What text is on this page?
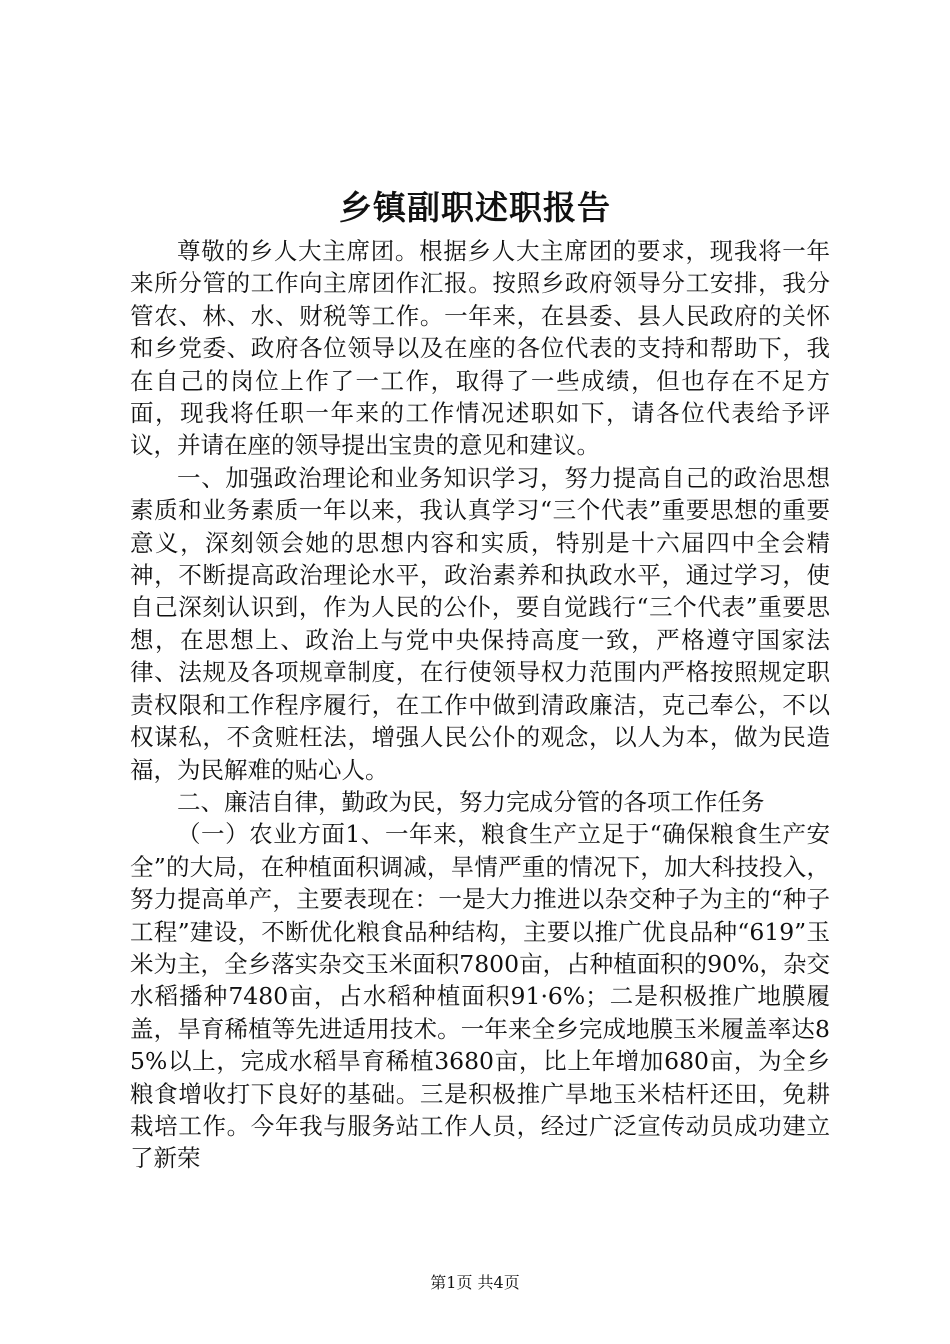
乡镇副职述职报告

尊敬的乡人大主席团。根据乡人大主席团的要求，现我将一年来所分管的工作向主席团作汇报。按照乡政府领导分工安排，我分管农、林、水、财税等工作。一年来，在县委、县人民政府的关怀和乡党委、政府各位领导以及在座的各位代表的支持和帮助下，我在自己的岗位上作了一工作，取得了一些成绩，但也存在不足方面，现我将任职一年来的工作情况述职如下，请各位代表给予评议，并请在座的领导提出宝贵的意见和建议。

一、加强政治理论和业务知识学习，努力提高自己的政治思想素质和业务素质一年以来，我认真学习“三个代表”重要思想的重要意义，深刻领会她的思想内容和实质，特别是十六届四中全会精神，不断提高政治理论水平，政治素养和执政水平，通过学习，使自己深刻认识到，作为人民的公仆，要自觉践行“三个代表”重要思想，在思想上、政治上与党中央保持高度一致，严格遵守国家法律、法规及各项规章制度，在行使领导权力范围内严格按照规定职责权限和工作程序履行，在工作中做到清政廉洁，克己奉公，不以权谋私，不贪赃枉法，增强人民公仆的观念，以人为本，做为民造福，为民解难的贴心人。

二、廉洁自律，勤政为民，努力完成分管的各项工作任务

（一）农业方面1、一年来，粮食生产立足于“确保粮食生产安全”的大局，在种植面积调减，旱情严重的情况下，加大科技投入，努力提高单产，主要表现在：一是大力推进以杂交种子为主的“种子工程”建设，不断优化粮食品种结构，主要以推广优良品种“619”玉米为主，全乡落实杂交玉米面积7800亩，占种植面积的90%，杂交水稻播种7480亩，占水稻种植面积91·6%；二是积极推广地膜履盖，旱育稀植等先进适用技术。一年来全乡完成地膜玉米履盖率达85%以上，完成水稻旱育稀植3680亩，比上年增加680亩，为全乡粮食增收打下良好的基础。三是积极推广旱地玉米桔杆还田，免耕栽培工作。今年我与服务站工作人员，经过广泛宣传动员成功建立了新荣

第1页 共4页
